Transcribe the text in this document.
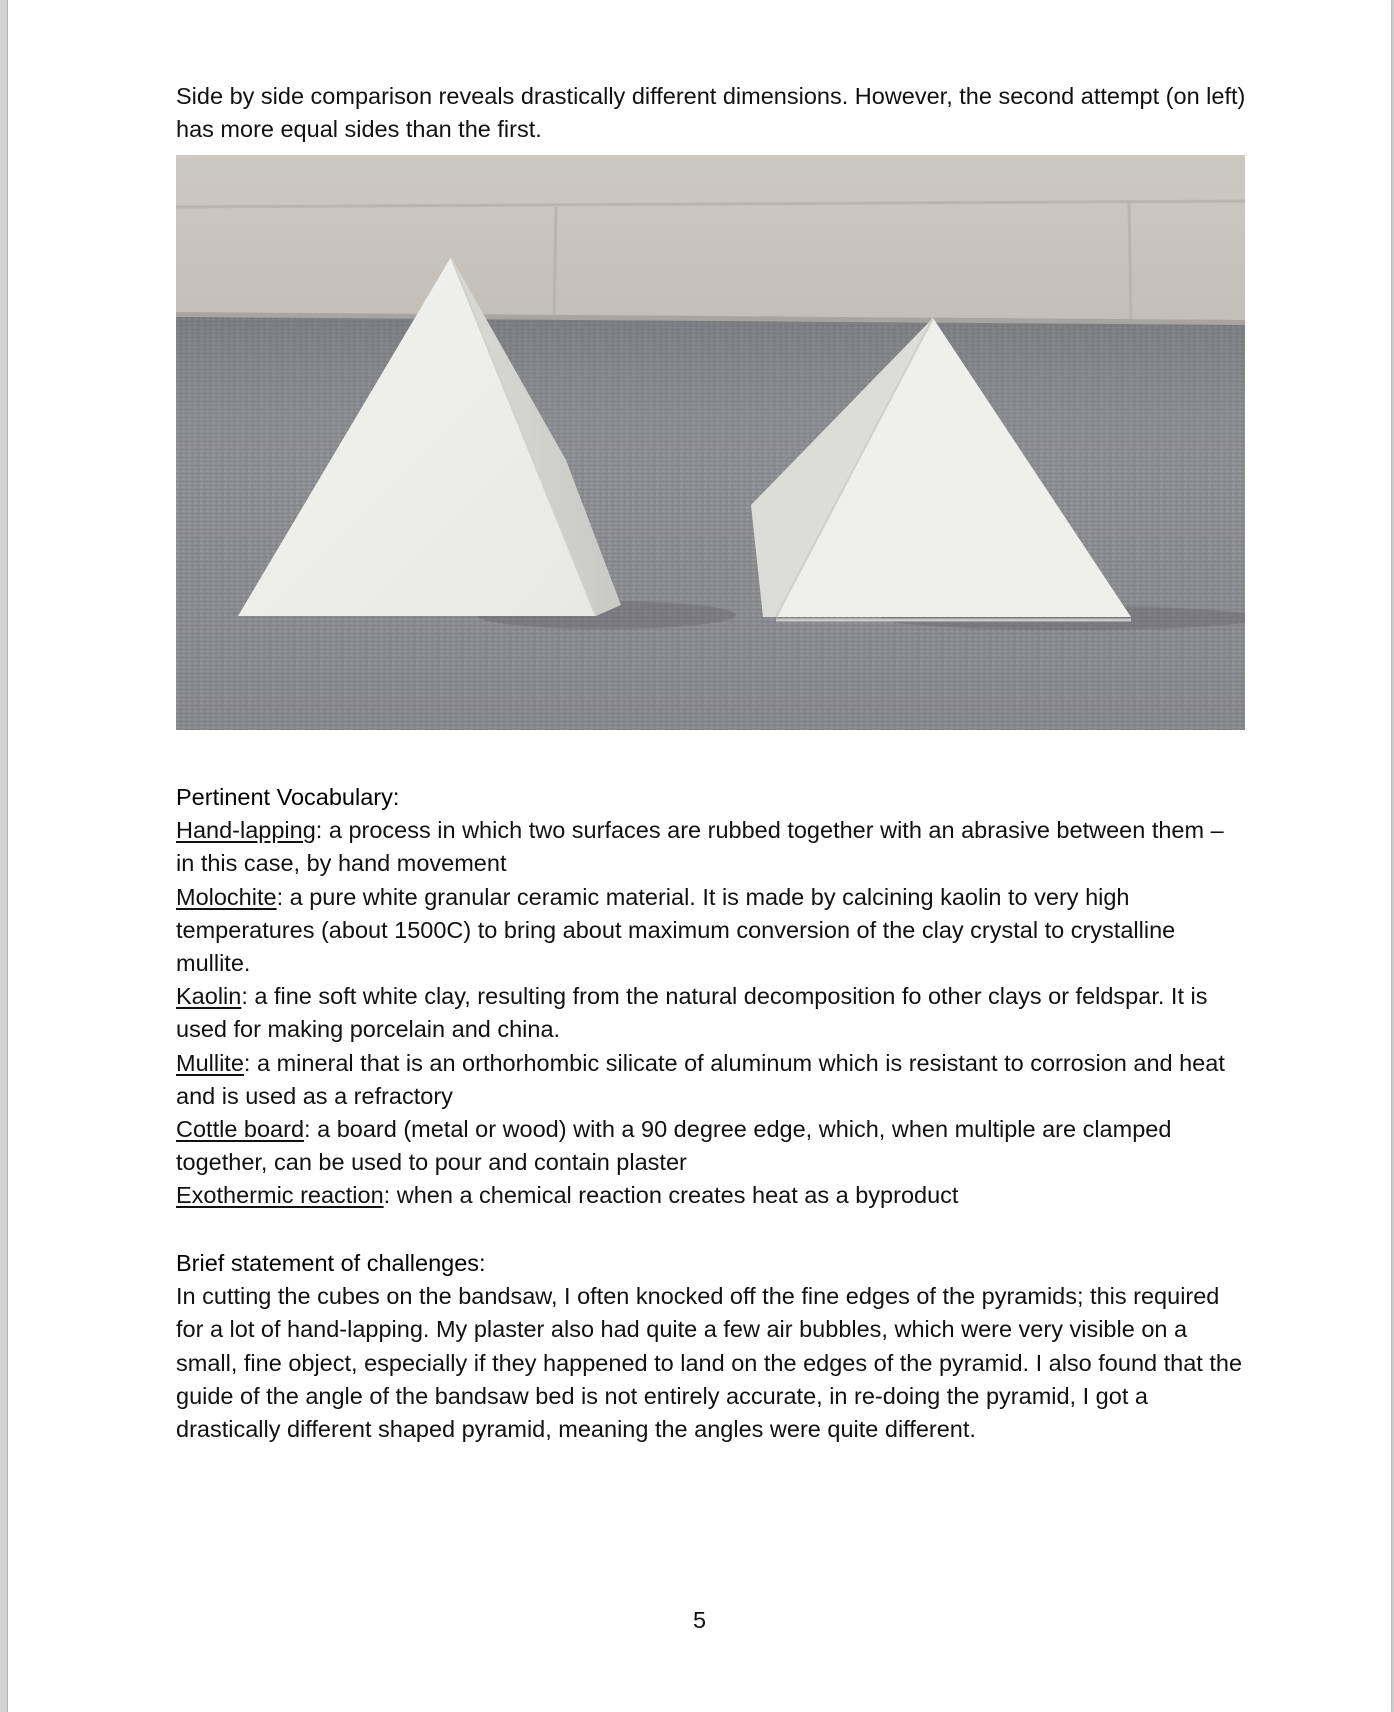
Side by side comparison reveals drastically different dimensions. However, the second attempt (on left) has more equal sides than the first.
Pertinent Vocabulary:
Hand-lapping: a process in which two surfaces are rubbed together with an abrasive between them – in this case, by hand movement
Molochite: a pure white granular ceramic material. It is made by calcining kaolin to very high temperatures (about 1500C) to bring about maximum conversion of the clay crystal to crystalline mullite.
Kaolin: a fine soft white clay, resulting from the natural decomposition fo other clays or feldspar. It is used for making porcelain and china.
Mullite: a mineral that is an orthorhombic silicate of aluminum which is resistant to corrosion and heat and is used as a refractory
Cottle board: a board (metal or wood) with a 90 degree edge, which, when multiple are clamped together, can be used to pour and contain plaster
Exothermic reaction: when a chemical reaction creates heat as a byproduct
Brief statement of challenges:
In cutting the cubes on the bandsaw, I often knocked off the fine edges of the pyramids; this required for a lot of hand-lapping. My plaster also had quite a few air bubbles, which were very visible on a small, fine object, especially if they happened to land on the edges of the pyramid. I also found that the guide of the angle of the bandsaw bed is not entirely accurate, in re-doing the pyramid, I got a drastically different shaped pyramid, meaning the angles were quite different.
5
